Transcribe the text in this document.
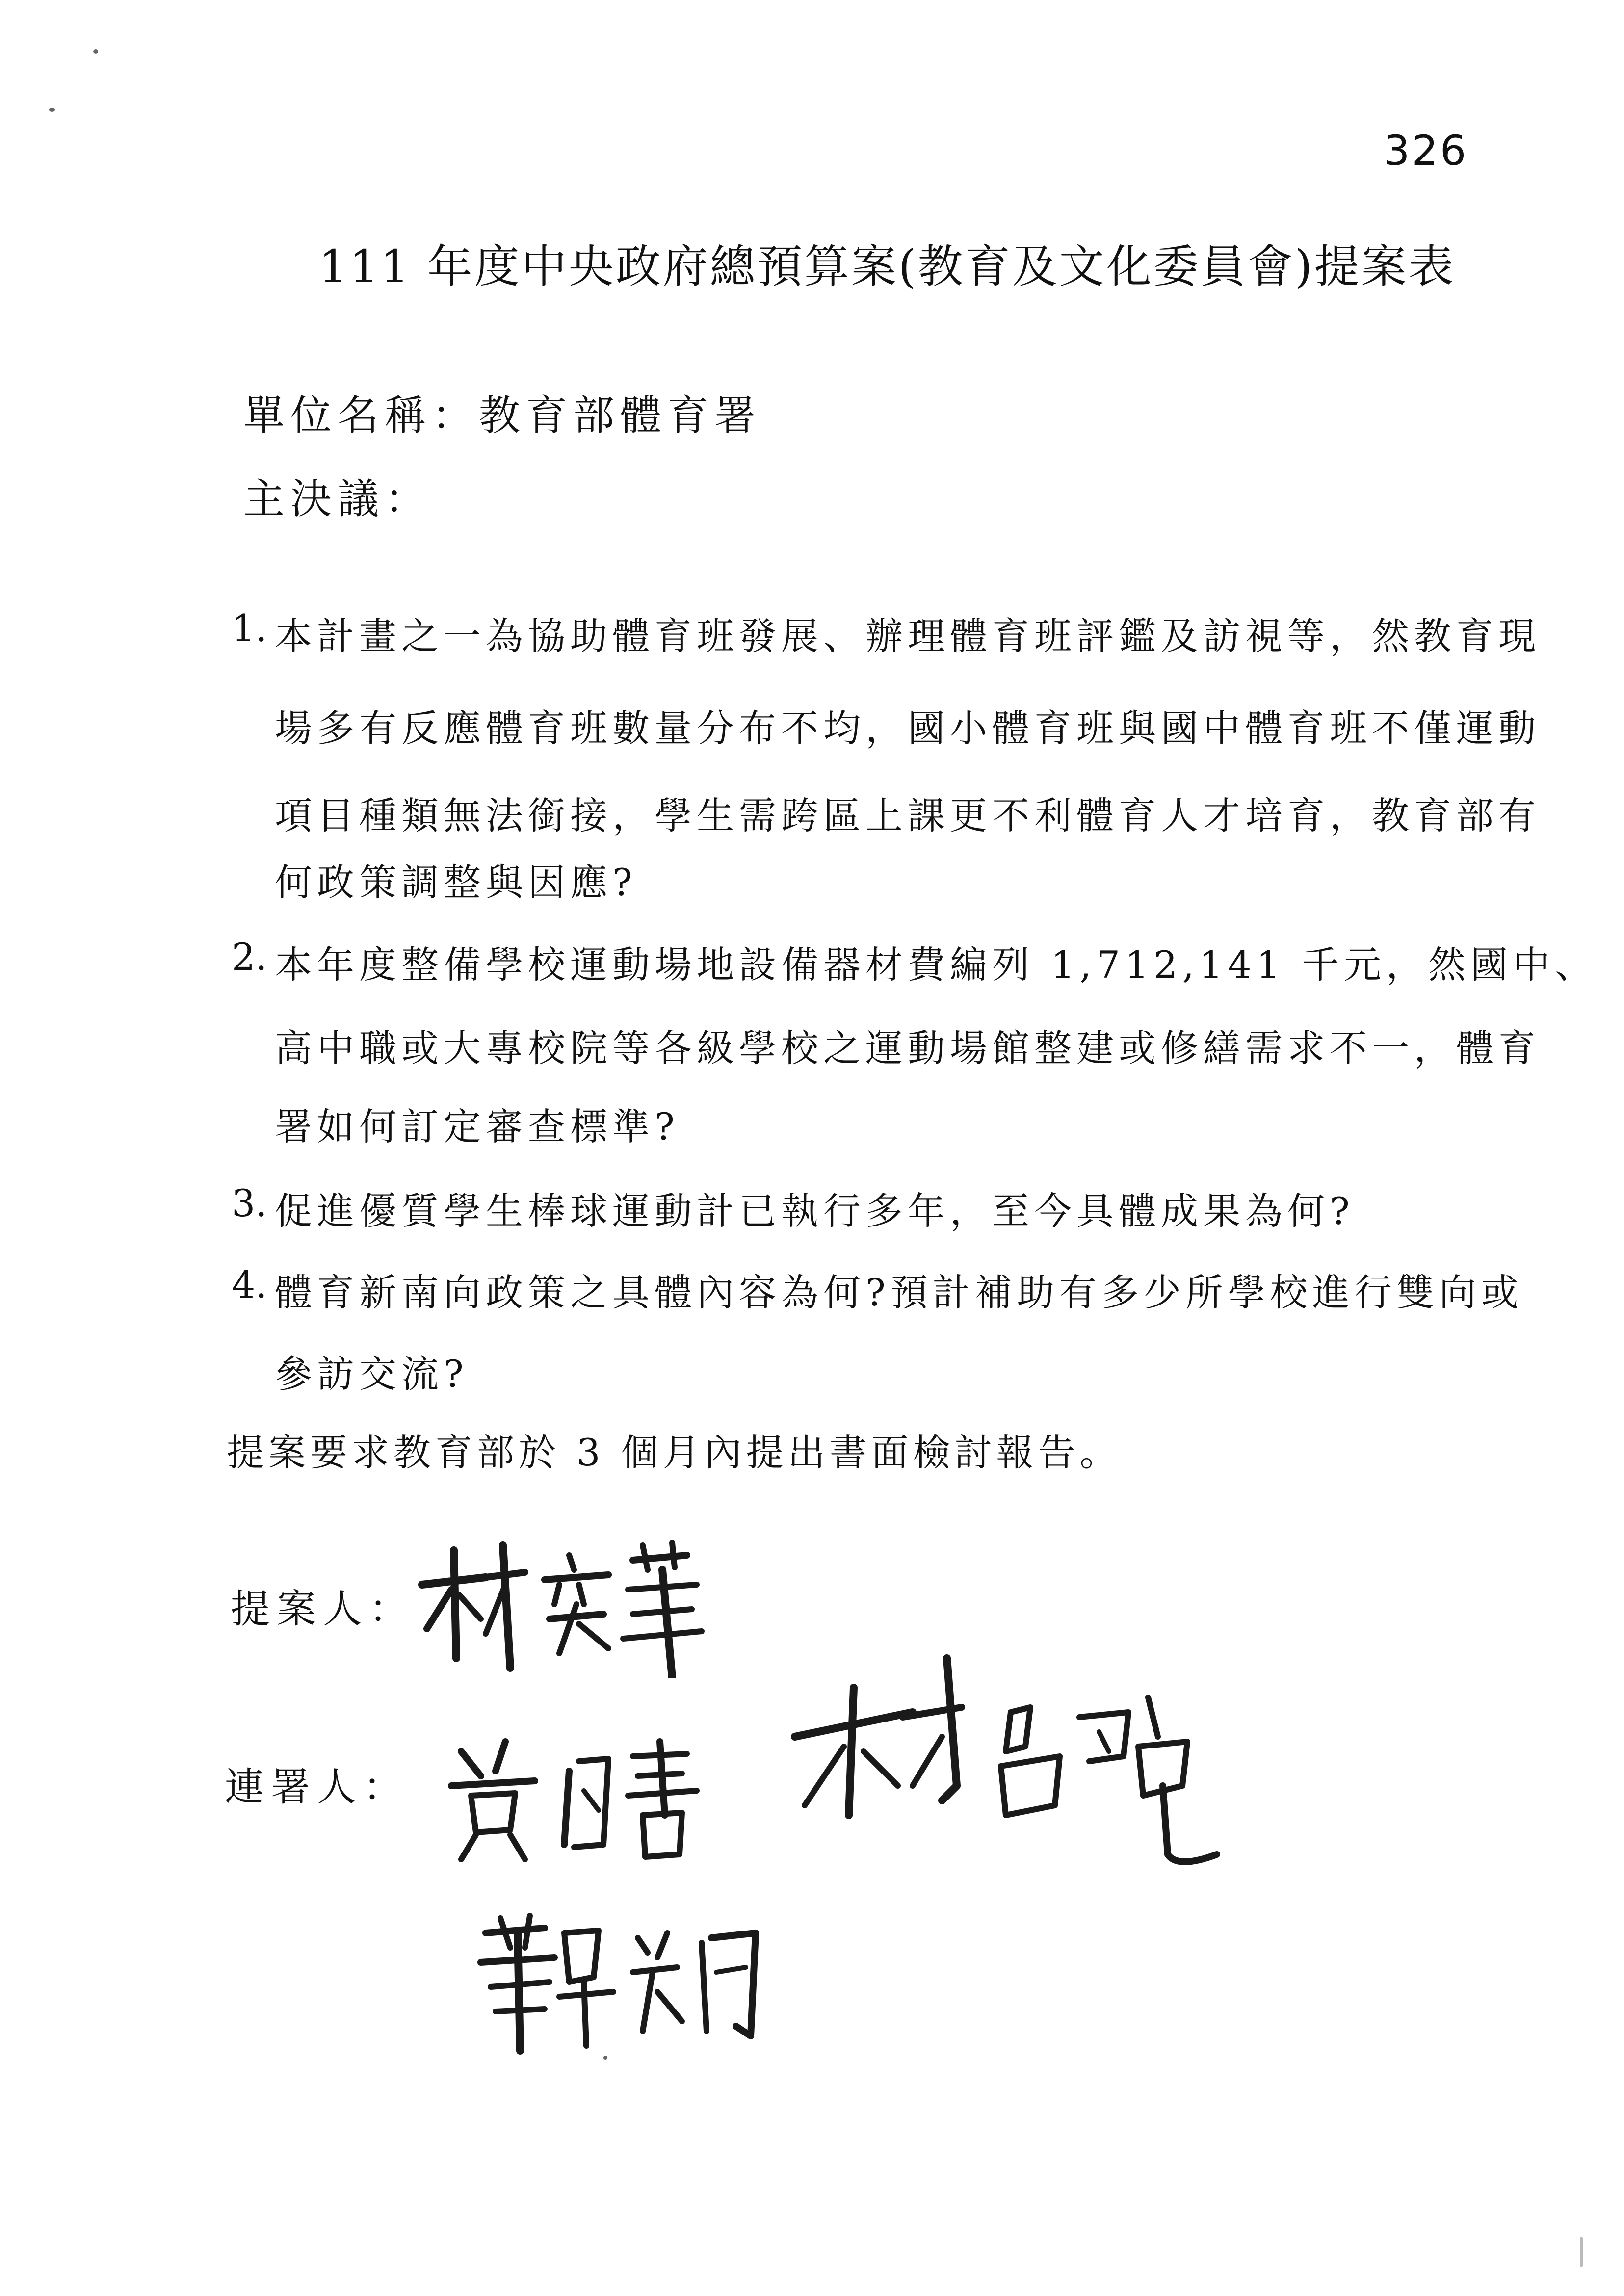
326
111 年度中央政府總預算案(教育及文化委員會)提案表
單位名稱：教育部體育署
主決議：
1. 本計畫之一為協助體育班發展、辦理體育班評鑑及訪視等，然教育現
場多有反應體育班數量分布不均，國小體育班與國中體育班不僅運動
項目種類無法銜接，學生需跨區上課更不利體育人才培育，教育部有
何政策調整與因應?
2. 本年度整備學校運動場地設備器材費編列 1,712,141 千元，然國中、
高中職或大專校院等各級學校之運動場館整建或修繕需求不一，體育
署如何訂定審查標準?
3. 促進優質學生棒球運動計已執行多年，至今具體成果為何?
4. 體育新南向政策之具體內容為何?預計補助有多少所學校進行雙向或
參訪交流?
提案要求教育部於 3 個月內提出書面檢討報告。
提案人：
連署人：
